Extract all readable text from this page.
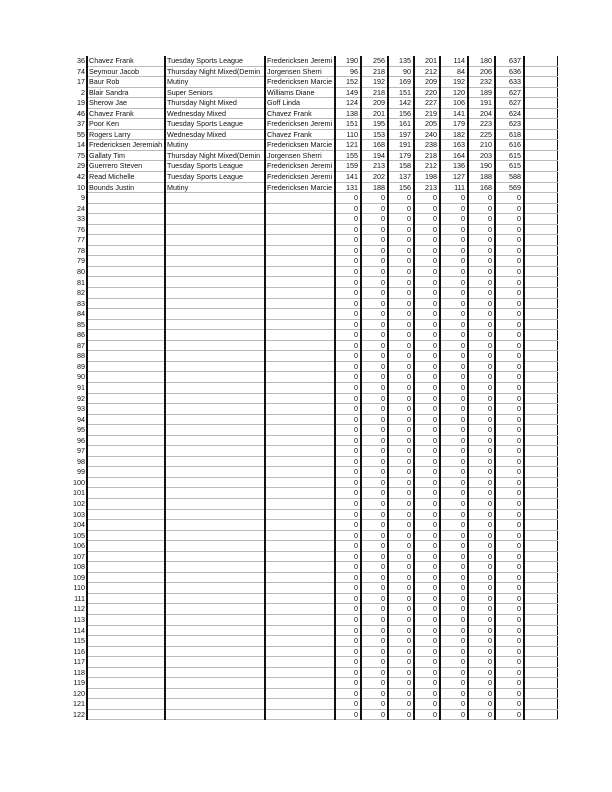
36	Chavez Frank	Tuesday Sports League	Fredericksen Jeremi	190	256	135	201	114	180	637	
74	Seymour Jacob	Thursday Night Mixed(Demin	Jorgensen Sherri	96	218	90	212	84	206	636	
17	Baur Rob	Mutiny	Fredericksen Marcie	152	192	169	209	192	232	633	
2	Blair Sandra	Super Seniors	Williams Diane	149	218	151	220	120	189	627	
19	Sherow Jae	Thursday Night Mixed	Goff Linda	124	209	142	227	106	191	627	
46	Chavez Frank	Wednesday Mixed	Chavez Frank	138	201	156	219	141	204	624	
37	Poor Ken	Tuesday Sports League	Fredericksen Jeremi	151	195	161	205	179	223	623	
55	Rogers Larry	Wednesday Mixed	Chavez Frank	110	153	197	240	182	225	618	
14	Fredericksen Jeremiah	Mutiny	Fredericksen Marcie	121	168	191	238	163	210	616	
75	Gallaty Tim	Thursday Night Mixed(Demin	Jorgensen Sherri	155	194	179	218	164	203	615	
29	Guerrero Steven	Tuesday Sports League	Fredericksen Jeremi	159	213	158	212	136	190	615	
42	Read Michelle	Tuesday Sports League	Fredericksen Jeremi	141	202	137	198	127	188	588	
10	Bounds Justin	Mutiny	Fredericksen Marcie	131	188	156	213	111	168	569	
9				0	0	0	0	0	0	0	
24				0	0	0	0	0	0	0	
33				0	0	0	0	0	0	0	
76				0	0	0	0	0	0	0	
77				0	0	0	0	0	0	0	
78				0	0	0	0	0	0	0	
79				0	0	0	0	0	0	0	
80				0	0	0	0	0	0	0	
81				0	0	0	0	0	0	0	
82				0	0	0	0	0	0	0	
83				0	0	0	0	0	0	0	
84				0	0	0	0	0	0	0	
85				0	0	0	0	0	0	0	
86				0	0	0	0	0	0	0	
87				0	0	0	0	0	0	0	
88				0	0	0	0	0	0	0	
89				0	0	0	0	0	0	0	
90				0	0	0	0	0	0	0	
91				0	0	0	0	0	0	0	
92				0	0	0	0	0	0	0	
93				0	0	0	0	0	0	0	
94				0	0	0	0	0	0	0	
95				0	0	0	0	0	0	0	
96				0	0	0	0	0	0	0	
97				0	0	0	0	0	0	0	
98				0	0	0	0	0	0	0	
99				0	0	0	0	0	0	0	
100				0	0	0	0	0	0	0	
101				0	0	0	0	0	0	0	
102				0	0	0	0	0	0	0	
103				0	0	0	0	0	0	0	
104				0	0	0	0	0	0	0	
105				0	0	0	0	0	0	0	
106				0	0	0	0	0	0	0	
107				0	0	0	0	0	0	0	
108				0	0	0	0	0	0	0	
109				0	0	0	0	0	0	0	
110				0	0	0	0	0	0	0	
111				0	0	0	0	0	0	0	
112				0	0	0	0	0	0	0	
113				0	0	0	0	0	0	0	
114				0	0	0	0	0	0	0	
115				0	0	0	0	0	0	0	
116				0	0	0	0	0	0	0	
117				0	0	0	0	0	0	0	
118				0	0	0	0	0	0	0	
119				0	0	0	0	0	0	0	
120				0	0	0	0	0	0	0	
121				0	0	0	0	0	0	0	
122				0	0	0	0	0	0	0	
